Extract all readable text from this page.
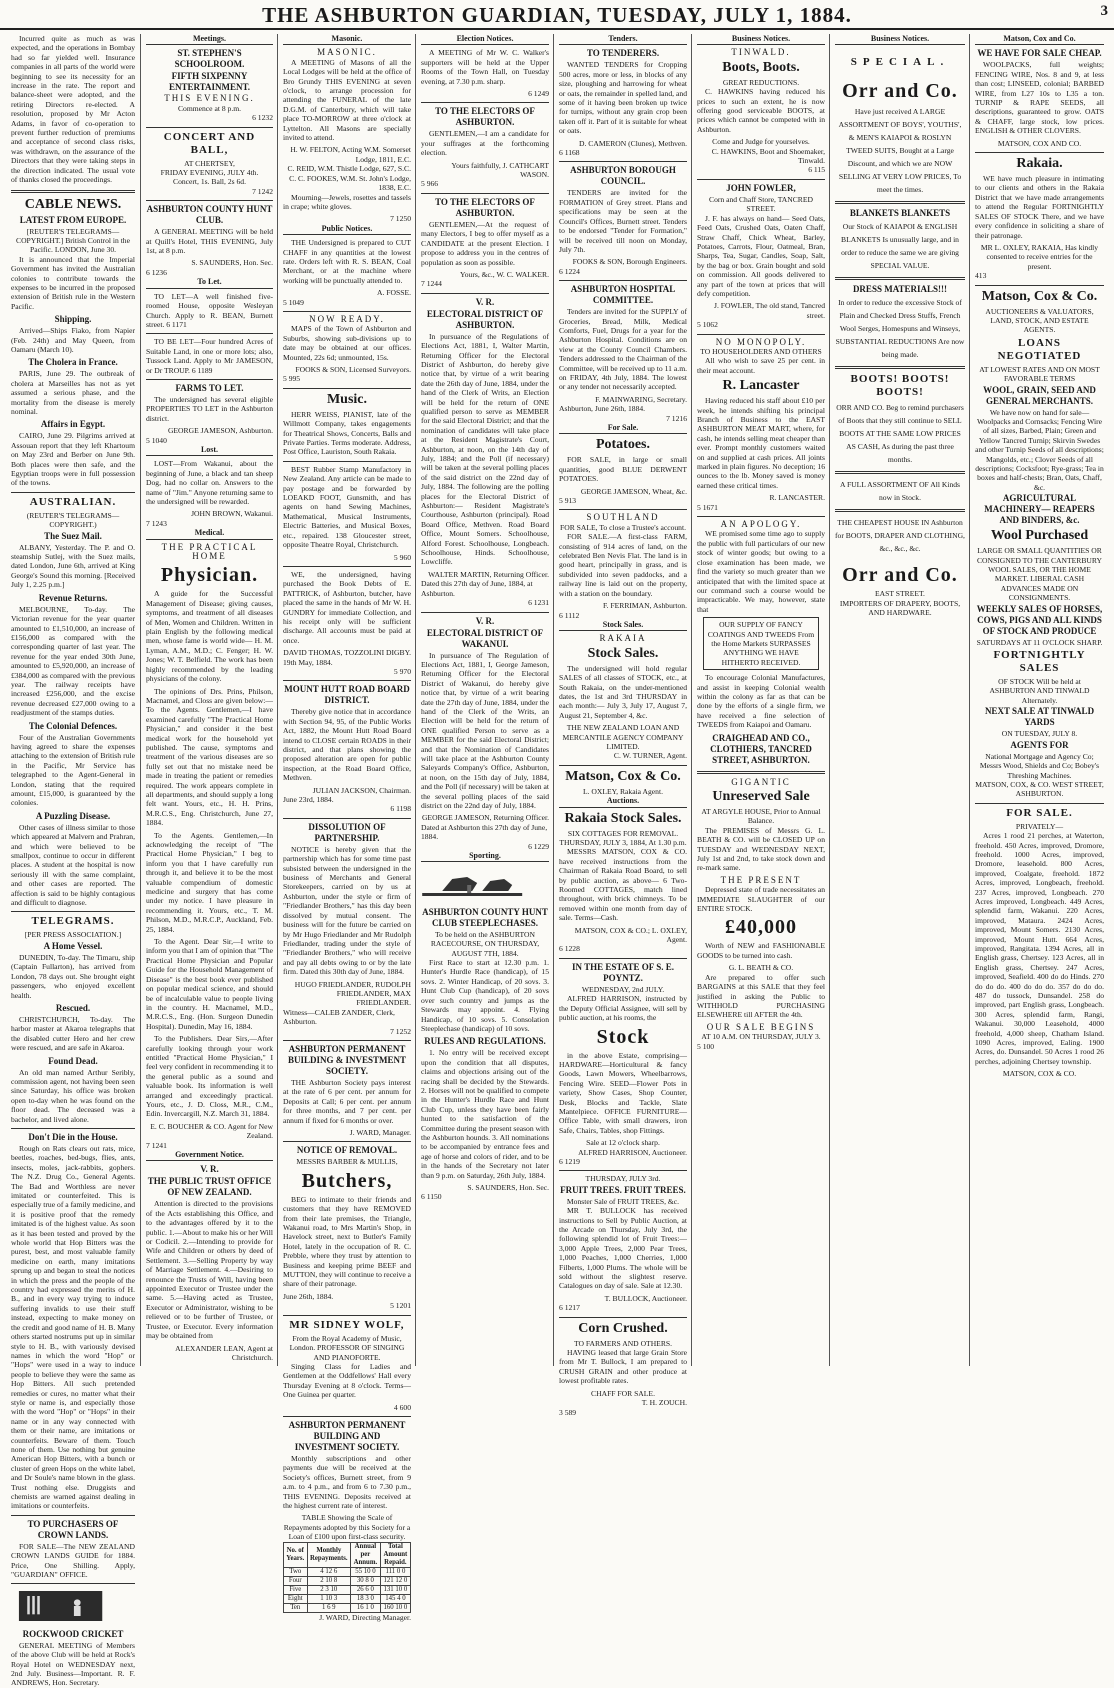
THE ASHBURTON GUARDIAN, TUESDAY, JULY 1, 1884.	3

Incurred quite as much as was expected, and the operations in Bombay had so far yielded well. Insurance companies in all parts of the world were beginning to see its necessity for an increase in the rate. The report and balance-sheet were adopted, and the retiring Directors re-elected. A resolution, proposed by Mr Acton Adams, in favor of co-operation to prevent further reduction of premiums and acceptance of second class risks, was withdrawn, on the assurance of the Directors that they were taking steps in the direction indicated. The usual vote of thanks closed the proceedings.

CABLE NEWS.
LATEST FROM EUROPE.
[REUTER'S TELEGRAMS—COPYRIGHT.] British Control in the Pacific. LONDON, June 30.

It is announced that the Imperial Government has invited the Australian colonies to contribute towards the expenses to be incurred in the proposed extension of British rule in the Western Pacific.

Shipping.

Arrived—Ships Fiako, from Napier (Feb. 24th) and May Queen, from Oamaru (March 10).

The Cholera in France.

PARIS, June 29. The outbreak of cholera at Marseilles has not as yet assumed a serious phase, and the mortality from the disease is merely nominal.

Affairs in Egypt.

CAIRO, June 29. Pilgrims arrived at Assouan report that they left Khartoum on May 23rd and Berber on June 9th. Both places were then safe, and the Egyptian troops were in full possession of the towns.

AUSTRALIAN.
(REUTER'S TELEGRAMS—COPYRIGHT.)
The Suez Mail.

ALBANY, Yesterday. The P. and O. steamship Sutlej, with the Suez mails, dated London, June 6th, arrived at King George's Sound this morning. [Received July 1, 2.25 p.m.]

Revenue Returns.

MELBOURNE, To-day. The Victorian revenue for the year quarter amounted to £1,510,000, an increase of £156,000 as compared with the corresponding quarter of last year. The revenue for the year ended 30th June, amounted to £5,920,000, an increase of £384,000 as compared with the previous year. The railway receipts have increased £256,000, and the excise revenue decreased £27,000 owing to a readjustment of the stamps duties.

The Colonial Defences.

Four of the Australian Governments having agreed to share the expenses attaching to the extension of British rule in the Pacific, Mr Service has telegraphed to the Agent-General in London, stating that the required amount, £15,000, is guaranteed by the colonies.

A Puzzling Disease.

Other cases of illness similar to those which appeared at Malvern and Prahran, and which were believed to be smallpox, continue to occur in different places. A student at the hospital is now seriously ill with the same complaint, and other cases are reported. The affection is said to be highly contagious and difficult to diagnose.

TELEGRAMS.
[PER PRESS ASSOCIATION.]
A Home Vessel.

DUNEDIN, To-day. The Timaru, ship (Captain Fullarton), has arrived from London, 78 days out. She brought eight passengers, who enjoyed excellent health.

Rescued.

CHRISTCHURCH, To-day. The harbor master at Akaroa telegraphs that the disabled cutter Hero and her crew were rescued, and are safe in Akaroa.

Found Dead.

An old man named Arthur Seribly, commission agent, not having been seen since Saturday, his office was broken open to-day when he was found on the floor dead. The deceased was a bachelor, and lived alone.

Don't Die in the House.

Rough on Rats clears out rats, mice, beetles, roaches, bed-bugs, flies, ants, insects, moles, jack-rabbits, gophers. The N.Z. Drug Co., General Agents. The Bad and Worthless are never imitated or counterfeited. This is especially true of a family medicine, and it is positive proof that the remedy imitated is of the highest value. As soon as it has been tested and proved by the whole world that Hop Bitters was the purest, best, and most valuable family medicine on earth, many imitations sprung up and began to steal the notices in which the press and the people of the country had expressed the merits of H. B., and in every way trying to induce suffering invalids to use their stuff instead, expecting to make money on the credit and good name of H. B. Many others started nostrums put up in similar style to H. B., with variously devised names in which the word "Hop" or "Hops" were used in a way to induce people to believe they were the same as Hop Bitters. All such pretended remedies or cures, no matter what their style or name is, and especially those with the word "Hop" or "Hops" in their name or in any way connected with them or their name, are imitations or counterfeits. Beware of them. Touch none of them. Use nothing but genuine American Hop Bitters, with a bunch or cluster of green Hops on the white label, and Dr Soule's name blown in the glass. Trust nothing else. Druggists and chemists are warned against dealing in imitations or counterfeits.

TO PURCHASERS OF CROWN LANDS.

FOR SALE—The NEW ZEALAND CROWN LANDS GUIDE for 1884. Price, One Shilling. Apply, "GUARDIAN" OFFICE.

ROCKWOOD CRICKET

GENERAL MEETING of Members of the above Club will be held at Rock's Royal Hotel on WEDNESDAY next, 2nd July. Business—Important. R. F. ANDREWS, Hon. Secretary.

Meetings.
ST. STEPHEN'S SCHOOLROOM.
FIFTH SIXPENNY ENTERTAINMENT.
THIS EVENING.
Commence at 8 p.m.
6 1232
CONCERT AND BALL,
AT CHERTSEY,
FRIDAY EVENING, JULY 4th.
Concert, 1s. Ball, 2s 6d.
7 1242
ASHBURTON COUNTY HUNT CLUB.

A GENERAL MEETING will be held at Quill's Hotel, THIS EVENING, July 1st, at 8 p.m.

S. SAUNDERS, Hon. Sec.
6 1236
To Let.

TO LET—A well finished five-roomed House, opposite Wesleyan Church. Apply to R. BEAN, Burnett street. 6 1171

TO BE LET—Four hundred Acres of Suitable Land, in one or more lots; also, Tussock Land. Apply to Mr JAMESON, or Dr TROUP. 6 1189

FARMS TO LET.

The undersigned has several eligible PROPERTIES TO LET in the Ashburton district.

GEORGE JAMESON, Ashburton.
5 1040
Lost.

LOST—From Wakanui, about the beginning of June, a black and tan sheep Dog, had no collar on. Answers to the name of "Jim." Anyone returning same to the undersigned will be rewarded.

JOHN BROWN, Wakanui.
7 1243
Medical.
THE PRACTICAL HOME
Physician.

A guide for the Successful Management of Disease; giving causes, symptoms, and treatment of all diseases of Men, Women and Children. Written in plain English by the following medical men, whose fame is world wide— H. M. Lyman, A.M., M.D.; C. Fenger; H. W. Jones; W. T. Belfield. The work has been highly recommended by the leading physicians of the colony.

The opinions of Drs. Prins, Philson, Macnamel, and Closs are given below:— To the Agents. Gentlemen,—I have examined carefully "The Practical Home Physician," and consider it the best medical work for the household yet published. The cause, symptoms and treatment of the various diseases are so fully set out that no mistake need be made in treating the patient or remedies required. The work appears complete in all departments, and should supply a long felt want. Yours, etc., H. H. Prins, M.R.C.S., Eng. Christchurch, June 27, 1884.

To the Agents. Gentlemen,—In acknowledging the receipt of "The Practical Home Physician," I beg to inform you that I have carefully run through it, and believe it to be the most valuable compendium of domestic medicine and surgery that has come under my notice. I have pleasure in recommending it. Yours, etc., T. M. Philson, M.D., M.R.C.P., Auckland, Feb. 25, 1884.

To the Agent. Dear Sir,—I write to inform you that I am of opinion that "The Practical Home Physician and Popular Guide for the Household Management of Disease" is the best book ever published on popular medical science, and should be of incalculable value to people living in the country. H. Macnamel, M.D., M.R.C.S., Eng. (Hon. Surgeon Dunedin Hospital). Dunedin, May 16, 1884.

To the Publishers. Dear Sirs,—After carefully looking through your work entitled "Practical Home Physician," I feel very confident in recommending it to the general public as a sound and valuable book. Its information is well arranged and exceedingly practical. Yours, etc., J. D. Closs, M.R., C.M., Edin. Invercargill, N.Z. March 31, 1884.

E. C. BOUCHER & CO. Agent for New Zealand.
7 1241
Government Notice.
V. R.
THE PUBLIC TRUST OFFICE OF NEW ZEALAND.

Attention is directed to the provisions of the Acts establishing this Office, and to the advantages offered by it to the public. 1.—About to make his or her Will or Codicil. 2.—Intending to provide for Wife and Children or others by deed of Settlement. 3.—Selling Property by way of Marriage Settlement. 4.—Desiring to renounce the Trusts of Will, having been appointed Executor or Trustee under the same. 5.—Having acted as Trustee, Executor or Administrator, wishing to be relieved or to be further of Trustee, or Trustee, or Executor. Every information may be obtained from

ALEXANDER LEAN, Agent at Christchurch.
Masonic.
MASONIC.

A MEETING of Masons of all the Local Lodges will be held at the office of Bro Grundy THIS EVENING at seven o'clock, to arrange procession for attending the FUNERAL of the late D.G.M. of Canterbury, which will take place TO-MORROW at three o'clock at Lyttelton. All Masons are specially invited to attend.

H. W. FELTON, Acting W.M. Somerset Lodge, 1811, E.C.
C. REID, W.M. Thistle Lodge, 627, S.C.
C. C. FOOKES, W.M. St. John's Lodge, 1838, E.C.

Mourning—Jewels, rosettes and tassels in crape; white gloves.

7 1250
Public Notices.

THE Undersigned is prepared to CUT CHAFF in any quantities at the lowest rate. Orders left with R. S. BEAN, Coal Merchant, or at the machine where working will be punctually attended to.

A. FOSSE.
5 1049
NOW READY.

MAPS of the Town of Ashburton and Suburbs, showing sub-divisions up to date may be obtained at our offices. Mounted, 22s 6d; unmounted, 15s.

FOOKS & SON, Licensed Surveyors.
5 995
Music.

HERR WEISS, PIANIST, late of the Willmott Company, takes engagements for Theatrical Shows, Concerts, Balls and Private Parties. Terms moderate. Address, Post Office, Lauriston, South Rakaia.

BEST Rubber Stamp Manufactory in New Zealand. Any article can be made to pay postage and be forwarded by LOEAKD FOOT, Gunsmith, and has agents on hand Sewing Machines, Mathematical, Musical Instruments, Electric Batteries, and Musical Boxes, etc., repaired. 138 Gloucester street, opposite Theatre Royal, Christchurch.

5 960

WE, the undersigned, having purchased the Book Debts of E. PATTRICK, of Ashburton, butcher, have placed the same in the hands of Mr W. H. GUNDRY for immediate Collection, and his receipt only will be sufficient discharge. All accounts must be paid at once.

DAVID THOMAS, TOZZOLINI DIGBY.
19th May, 1884.
5 970
MOUNT HUTT ROAD BOARD DISTRICT.

Thereby give notice that in accordance with Section 94, 95, of the Public Works Act, 1882, the Mount Hutt Road Board intend to CLOSE certain ROADS in their district, and that plans showing the proposed alteration are open for public inspection, at the Road Board Office, Methven.

JULIAN JACKSON, Chairman.
June 23rd, 1884.
6 1198
DISSOLUTION OF PARTNERSHIP.

NOTICE is hereby given that the partnership which has for some time past subsisted between the undersigned in the business of Merchants and General Storekeepers, carried on by us at Ashburton, under the style or firm of "Friedlander Brothers," has this day been dissolved by mutual consent. The business will for the future be carried on by Mr Hugo Friedlander and Mr Rudolph Friedlander, trading under the style of "Friedlander Brothers," who will receive and pay all debts owing to or by the late firm. Dated this 30th day of June, 1884.

HUGO FRIEDLANDER, RUDOLPH FRIEDLANDER, MAX FRIEDLANDER.
Witness—CALEB ZANDER, Clerk, Ashburton.
7 1252
ASHBURTON PERMANENT BUILDING & INVESTMENT SOCIETY.

THE Ashburton Society pays interest at the rate of 6 per cent. per annum for Deposits at Call; 6 per cent. per annum for three months, and 7 per cent. per annum if fixed for 6 months or over.

J. WARD, Manager.
NOTICE OF REMOVAL.
MESSRS BARBER & MULLIS,
Butchers,

BEG to intimate to their friends and customers that they have REMOVED from their late premises, the Triangle, Wakanui road, to Mrs Martin's Shop, in Havelock street, next to Butler's Family Hotel, lately in the occupation of R. C. Prebble, where they trust by attention to Business and keeping prime BEEF and MUTTON, they will continue to receive a share of their patronage.

June 26th, 1884.
5 1201
MR SIDNEY WOLF,
From the Royal Academy of Music, London. PROFESSOR OF SINGING AND PIANOFORTE.

Singing Class for Ladies and Gentlemen at the Oddfellows' Hall every Thursday Evening at 8 o'clock. Terms—One Guinea per quarter.

4 600
ASHBURTON PERMANENT BUILDING AND INVESTMENT SOCIETY.

Monthly subscriptions and other payments due will be received at the Society's offices, Burnett street, from 9 a.m. to 4 p.m., and from 6 to 7.30 p.m., THIS EVENING. Deposits received at the highest current rate of interest.

TABLE Showing the Scale of Repayments adopted by this Society for a Loan of £100 upon first-class security.
No. of Years.	Monthly Repayments.	Annual per Annum.	Total Amount Repaid.
Two	4 12 6	55 10 0	111 0 0
Four	2 10 8	30 8 0	121 12 0
Five	2 3 10	26 6 0	131 10 0
Eight	1 10 3	18 3 0	145 4 0
Ten	1 6 9	16 1 0	160 10 0
J. WARD, Directing Manager.
Election Notices.

A MEETING of Mr W. C. Walker's supporters will be held at the Upper Rooms of the Town Hall, on Tuesday evening, at 7.30 p.m. sharp.

6 1249
TO THE ELECTORS OF ASHBURTON.

GENTLEMEN,—I am a candidate for your suffrages at the forthcoming election.

Yours faithfully, J. CATHCART WASON.
5 966
TO THE ELECTORS OF ASHBURTON.

GENTLEMEN,—At the request of many Electors, I beg to offer myself as a CANDIDATE at the present Election. I propose to address you in the centres of population as soon as possible.

Yours, &c., W. C. WALKER.
7 1244
V. R.
ELECTORAL DISTRICT OF ASHBURTON.

In pursuance of the Regulations of Elections Act, 1881, I, Walter Martin, Returning Officer for the Electoral District of Ashburton, do hereby give notice that, by virtue of a writ bearing date the 26th day of June, 1884, under the hand of the Clerk of Writs, an Election will be held for the return of ONE qualified person to serve as MEMBER for the said Electoral District; and that the nomination of candidates will take place at the Resident Magistrate's Court, Ashburton, at noon, on the 14th day of July, 1884; and the Poll (if necessary) will be taken at the several polling places of the said district on the 22nd day of July, 1884. The following are the polling places for the Electoral District of Ashburton:— Resident Magistrate's Courthouse, Ashburton (principal). Road Board Office, Methven. Road Board Office, Mount Somers. Schoolhouse, Alford Forest. Schoolhouse, Longbeach. Schoolhouse, Hinds. Schoolhouse, Lowcliffe.

WALTER MARTIN, Returning Officer.
Dated this 27th day of June, 1884, at Ashburton.
6 1231
V. R.
ELECTORAL DISTRICT OF WAKANUI.

In pursuance of The Regulation of Elections Act, 1881, I, George Jameson, Returning Officer for the Electoral District of Wakanui, do hereby give notice that, by virtue of a writ bearing date the 27th day of June, 1884, under the hand of the Clerk of the Writs, an Election will be held for the return of ONE qualified Person to serve as a MEMBER for the said Electoral District; and that the Nomination of Candidates will take place at the Ashburton County Saleyards Company's Office, Ashburton, at noon, on the 15th day of July, 1884, and the Poll (if necessary) will be taken at the several polling places of the said district on the 22nd day of July, 1884.

GEORGE JAMESON, Returning Officer.
Dated at Ashburton this 27th day of June, 1884.
6 1229
Sporting.
ASHBURTON COUNTY HUNT CLUB STEEPLECHASES.
To be held on the ASHBURTON RACECOURSE, ON THURSDAY, AUGUST 7TH, 1884.

First Race to start at 12.30 p.m. 1. Hunter's Hurdle Race (handicap), of 15 sovs. 2. Winter Handicap, of 20 sovs. 3. Hunt Club Cup (handicap), of 20 sovs over such country and jumps as the Stewards may appoint. 4. Flying Handicap, of 10 sovs. 5. Consolation Steeplechase (handicap) of 10 sovs.

RULES AND REGULATIONS.

1. No entry will be received except upon the condition that all disputes, claims and objections arising out of the racing shall be decided by the Stewards. 2. Horses will not be qualified to compete in the Hunter's Hurdle Race and Hunt Club Cup, unless they have been fairly hunted to the satisfaction of the Committee during the present season with the Ashburton hounds. 3. All nominations to be accompanied by entrance fees and age of horse and colors of rider, and to be in the hands of the Secretary not later than 9 p.m. on Saturday, 26th July, 1884.

S. SAUNDERS, Hon. Sec.
6 1150
Tenders.
TO TENDERERS.

WANTED TENDERS for Cropping 500 acres, more or less, in blocks of any size, ploughing and harrowing for wheat or oats, the remainder in spelled land, and some of it having been broken up twice for turnips, without any grain crop been taken off it. Part of it is suitable for wheat or oats.

D. CAMERON (Clunes), Methven.
6 1168
ASHBURTON BOROUGH COUNCIL.

TENDERS are invited for the FORMATION of Grey street. Plans and specifications may be seen at the Council's Offices, Burnett street. Tenders to be endorsed "Tender for Formation," will be received till noon on Monday, July 7th.

FOOKS & SON, Borough Engineers.
6 1224
ASHBURTON HOSPITAL COMMITTEE.

Tenders are invited for the SUPPLY of Groceries, Bread, Milk, Medical Comforts, Fuel, Drugs for a year for the Ashburton Hospital. Conditions are on view at the County Council Chambers. Tenders addressed to the Chairman of the Committee, will be received up to 11 a.m. on FRIDAY, 4th July, 1884. The lowest or any tender not necessarily accepted.

F. MAINWARING, Secretary.
Ashburton, June 26th, 1884.
7 1216
For Sale.
Potatoes.

FOR SALE, in large or small quantities, good BLUE DERWENT POTATOES.

GEORGE JAMESON, Wheat, &c.
5 913
SOUTHLAND
FOR SALE, To close a Trustee's account.

FOR SALE.—A first-class FARM, consisting of 914 acres of land, on the celebrated Ben Nevis Flat. The land is in good heart, principally in grass, and is subdivided into seven paddocks, and a railway line is laid out on the property, with a station on the boundary.

F. FERRIMAN, Ashburton.
6 1112
Stock Sales.
RAKAIA
Stock Sales.

The undersigned will hold regular SALES of all classes of STOCK, etc., at South Rakaia, on the under-mentioned dates, the 1st and 3rd THURSDAY in each month:— July 3, July 17, August 7, August 21, September 4, &c.

THE NEW ZEALAND LOAN AND MERCANTILE AGENCY COMPANY LIMITED.
C. W. TURNER, Agent.
Matson, Cox & Co.
L. OXLEY, Rakaia Agent.
Auctions.
Rakaia Stock Sales.
SIX COTTAGES FOR REMOVAL.
THURSDAY, JULY 3, 1884, At 1.30 p.m.

MESSRS MATSON, COX & CO. have received instructions from the Chairman of Rakaia Road Board, to sell by public auction, as above— 6 Two-Roomed COTTAGES, match lined throughout, with brick chimneys. To be removed within one month from day of sale. Terms—Cash.

MATSON, COX & CO.; L. OXLEY, Agent.
6 1228
IN THE ESTATE OF S. E. POYNTZ.
WEDNESDAY, 2nd JULY.

ALFRED HARRISON, instructed by the Deputy Official Assignee, will sell by public auction, at his rooms, the

Stock

in the above Estate, comprising— HARDWARE—Horticultural & fancy Goods, Lawn Mowers, Wheelbarrows, Fencing Wire. SEED—Flower Pots in variety, Show Cases, Shop Counter, Desk, Blocks and Tackle, Slate Mantelpiece. OFFICE FURNITURE—Office Table, with small drawers, iron Safe, Chairs, Tables, shop Fittings.

Sale at 12 o'clock sharp.
ALFRED HARRISON, Auctioneer.
6 1219
THURSDAY, JULY 3rd.
FRUIT TREES. FRUIT TREES.
Monster Sale of FRUIT TREES, &c.

MR T. BULLOCK has received instructions to Sell by Public Auction, at the Arcade on Thursday, July 3rd, the following splendid lot of Fruit Trees:— 3,000 Apple Trees, 2,000 Pear Trees, 1,000 Peaches, 1,000 Cherries, 1,000 Filberts, 1,000 Plums. The whole will be sold without the slightest reserve. Catalogues on day of sale. Sale at 12.30.

T. BULLOCK, Auctioneer.
6 1217
Corn Crushed.
TO FARMERS AND OTHERS.

HAVING leased that large Grain Store from Mr T. Bullock, I am prepared to CRUSH GRAIN and other produce at lowest profitable rates.

CHAFF FOR SALE.
T. H. ZOUCH.
3 589
Business Notices.
TINWALD.
Boots, Boots.
GREAT REDUCTIONS.

C. HAWKINS having reduced his prices to such an extent, he is now offering good serviceable BOOTS, at prices which cannot be competed with in Ashburton.

Come and Judge for yourselves.
C. HAWKINS, Boot and Shoemaker, Tinwald.
6 115
JOHN FOWLER,
Corn and Chaff Store, TANCRED STREET.

J. F. has always on hand— Seed Oats, Feed Oats, Crushed Oats, Oaten Chaff, Straw Chaff, Chick Wheat, Barley, Potatoes, Carrots, Flour, Oatmeal, Bran, Sharps, Tea, Sugar, Candles, Soap, Salt, by the bag or box. Grain bought and sold on commission. All goods delivered to any part of the town at prices that will defy competition.

J. FOWLER, The old stand, Tancred street.
5 1062
NO MONOPOLY.
TO HOUSEHOLDERS AND OTHERS

All who wish to save 25 per cent. in their meat account.

R. Lancaster

Having reduced his staff about £10 per week, he intends shifting his principal Branch of Business to the EAST ASHBURTON MEAT MART, where, for cash, he intends selling meat cheaper than ever. Prompt monthly customers waited on and supplied at cash prices. All joints marked in plain figures. No deception; 16 ounces to the lb. Money saved is money earned these critical times.

R. LANCASTER.
5 1671
AN APOLOGY.

WE promised some time ago to supply the public with full particulars of our new stock of winter goods; but owing to a close examination has been made, we find the variety so much greater than we anticipated that with the limited space at our command such a course would be impracticable. We may, however, state that

OUR SUPPLY OF FANCY COATINGS AND TWEEDS From the Home Markets SURPASSES ANYTHING WE HAVE HITHERTO RECEIVED.

To encourage Colonial Manufactures, and assist in keeping Colonial wealth within the colony as far as that can be done by the efforts of a single firm, we have received a fine selection of TWEEDS from Kaiapoi and Oamaru.

CRAIGHEAD AND CO., CLOTHIERS, TANCRED STREET, ASHBURTON.
GIGANTIC
Unreserved Sale
AT ARGYLE HOUSE, Prior to Annual Balance.

The PREMISES of Messrs G. L. BEATH & CO. will be CLOSED UP on TUESDAY and WEDNESDAY NEXT, July 1st and 2nd, to take stock down and re-mark same.

THE PRESENT

Depressed state of trade necessitates an IMMEDIATE SLAUGHTER of our ENTIRE STOCK.

£40,000

Worth of NEW and FASHIONABLE GOODS to be turned into cash.

G. L. BEATH & CO.

Are prepared to offer such BARGAINS at this SALE that they feel justified in asking the Public to WITHHOLD PURCHASING ELSEWHERE till AFTER the 4th.

OUR SALE BEGINS
AT 10 A.M. ON THURSDAY, JULY 3.
5 100
Business Notices.
SPECIAL.
Orr and Co.
Have just received A LARGE ASSORTMENT OF BOYS', YOUTHS', & MEN'S KAIAPOI & ROSLYN TWEED SUITS, Bought at a Large Discount, and which we are NOW SELLING AT VERY LOW PRICES, To meet the times.
BLANKETS BLANKETS
Our Stock of KAIAPOI & ENGLISH BLANKETS Is unusually large, and in order to reduce the same we are giving SPECIAL VALUE.
DRESS MATERIALS!!!
In order to reduce the excessive Stock of Plain and Checked Dress Stuffs, French Wool Serges, Homespuns and Winseys, SUBSTANTIAL REDUCTIONS Are now being made.
BOOTS! BOOTS! BOOTS!
ORR AND CO. Beg to remind purchasers of Boots that they still continue to SELL BOOTS AT THE SAME LOW PRICES AS CASH, As during the past three months.
A FULL ASSORTMENT OF All Kinds now in Stock.
THE CHEAPEST HOUSE IN Ashburton for BOOTS, DRAPER AND CLOTHING, &c., &c., &c.
Orr and Co.
EAST STREET.
IMPORTERS OF DRAPERY, BOOTS, AND HARDWARE.
Matson, Cox and Co.
WE HAVE FOR SALE CHEAP.

WOOLPACKS, full weights; FENCING WIRE, Nos. 8 and 9, at less than cost; LINSEED, colonial; BARBED WIRE, from L27 10s to L35 a ton. TURNIP & RAPE SEEDS, all descriptions, guaranteed to grow. OATS & CHAFF, large stock, low prices. ENGLISH & OTHER CLOVERS.

MATSON, COX AND CO.
Rakaia.

WE have much pleasure in intimating to our clients and others in the Rakaia District that we have made arrangements to attend the Regular FORTNIGHTLY SALES OF STOCK There, and we have every confidence in soliciting a share of their patronage.

MR L. OXLEY, RAKAIA, Has kindly consented to receive entries for the present.
413
Matson, Cox & Co.
AUCTIONEERS & VALUATORS, LAND, STOCK, AND ESTATE AGENTS.
LOANS NEGOTIATED
AT LOWEST RATES AND ON MOST FAVORABLE TERMS
WOOL, GRAIN, SEED AND GENERAL MERCHANTS.
We have now on hand for sale— Woolpacks and Cornsacks; Fencing Wire of all sizes, Barbed, Plain; Green and Yellow Tancred Turnip; Skirvin Swedes and other Turnip Seeds of all descriptions; Mangolds, etc.; Clover Seeds of all descriptions; Cocksfoot; Rye-grass; Tea in boxes and half-chests; Bran, Oats, Chaff, &c.
AGRICULTURAL MACHINERY— REAPERS AND BINDERS, &c.
Wool Purchased
LARGE OR SMALL QUANTITIES OR CONSIGNED TO THE CANTERBURY WOOL SALES, OR THE HOME MARKET. LIBERAL CASH ADVANCES MADE ON CONSIGNMENTS.
WEEKLY SALES OF HORSES, COWS, PIGS AND ALL KINDS OF STOCK AND PRODUCE
SATURDAYS AT 11 O'CLOCK SHARP.
FORTNIGHTLY SALES
OF STOCK Will be held at ASHBURTON AND TINWALD Alternately.
NEXT SALE AT TINWALD YARDS
ON TUESDAY, JULY 8.
AGENTS FOR
National Mortgage and Agency Co; Messrs Wood, Shields and Co; Bobey's Threshing Machines.
MATSON, COX, & CO. WEST STREET, ASHBURTON.
FOR SALE.
PRIVATELY—

Acres 1 rood 21 perches, at Waterton, freehold. 450 Acres, improved, Dromore, freehold. 1000 Acres, improved, Dromore, leasehold. 800 Acres, improved, Coalgate, freehold. 1872 Acres, improved, Longbeach, freehold. 237 Acres, improved, Longbeach. 270 Acres improved, Longbeach. 449 Acres, splendid farm, Wakanui. 220 Acres, improved, Mataura. 2424 Acres, improved, Mount Somers. 2130 Acres, improved, Mount Hutt. 664 Acres, improved, Rangitata. 1394 Acres, all in English grass, Chertsey. 123 Acres, all in English grass, Chertsey. 247 Acres, improved, Seafield. 400 do do Hinds. 270 do do do. 400 do do do. 357 do do do. 487 do tussock, Dunsandel. 258 do improved, part English grass, Longbeach. 300 Acres, splendid farm, Rangi, Wakanui. 30,000 Leasehold, 4000 freehold, 4,000 sheep, Chatham Island. 1090 Acres, improved, Ealing. 1900 Acres, do. Dunsandel. 50 Acres 1 rood 26 perches, adjoining Chertsey township.

MATSON, COX & CO.
